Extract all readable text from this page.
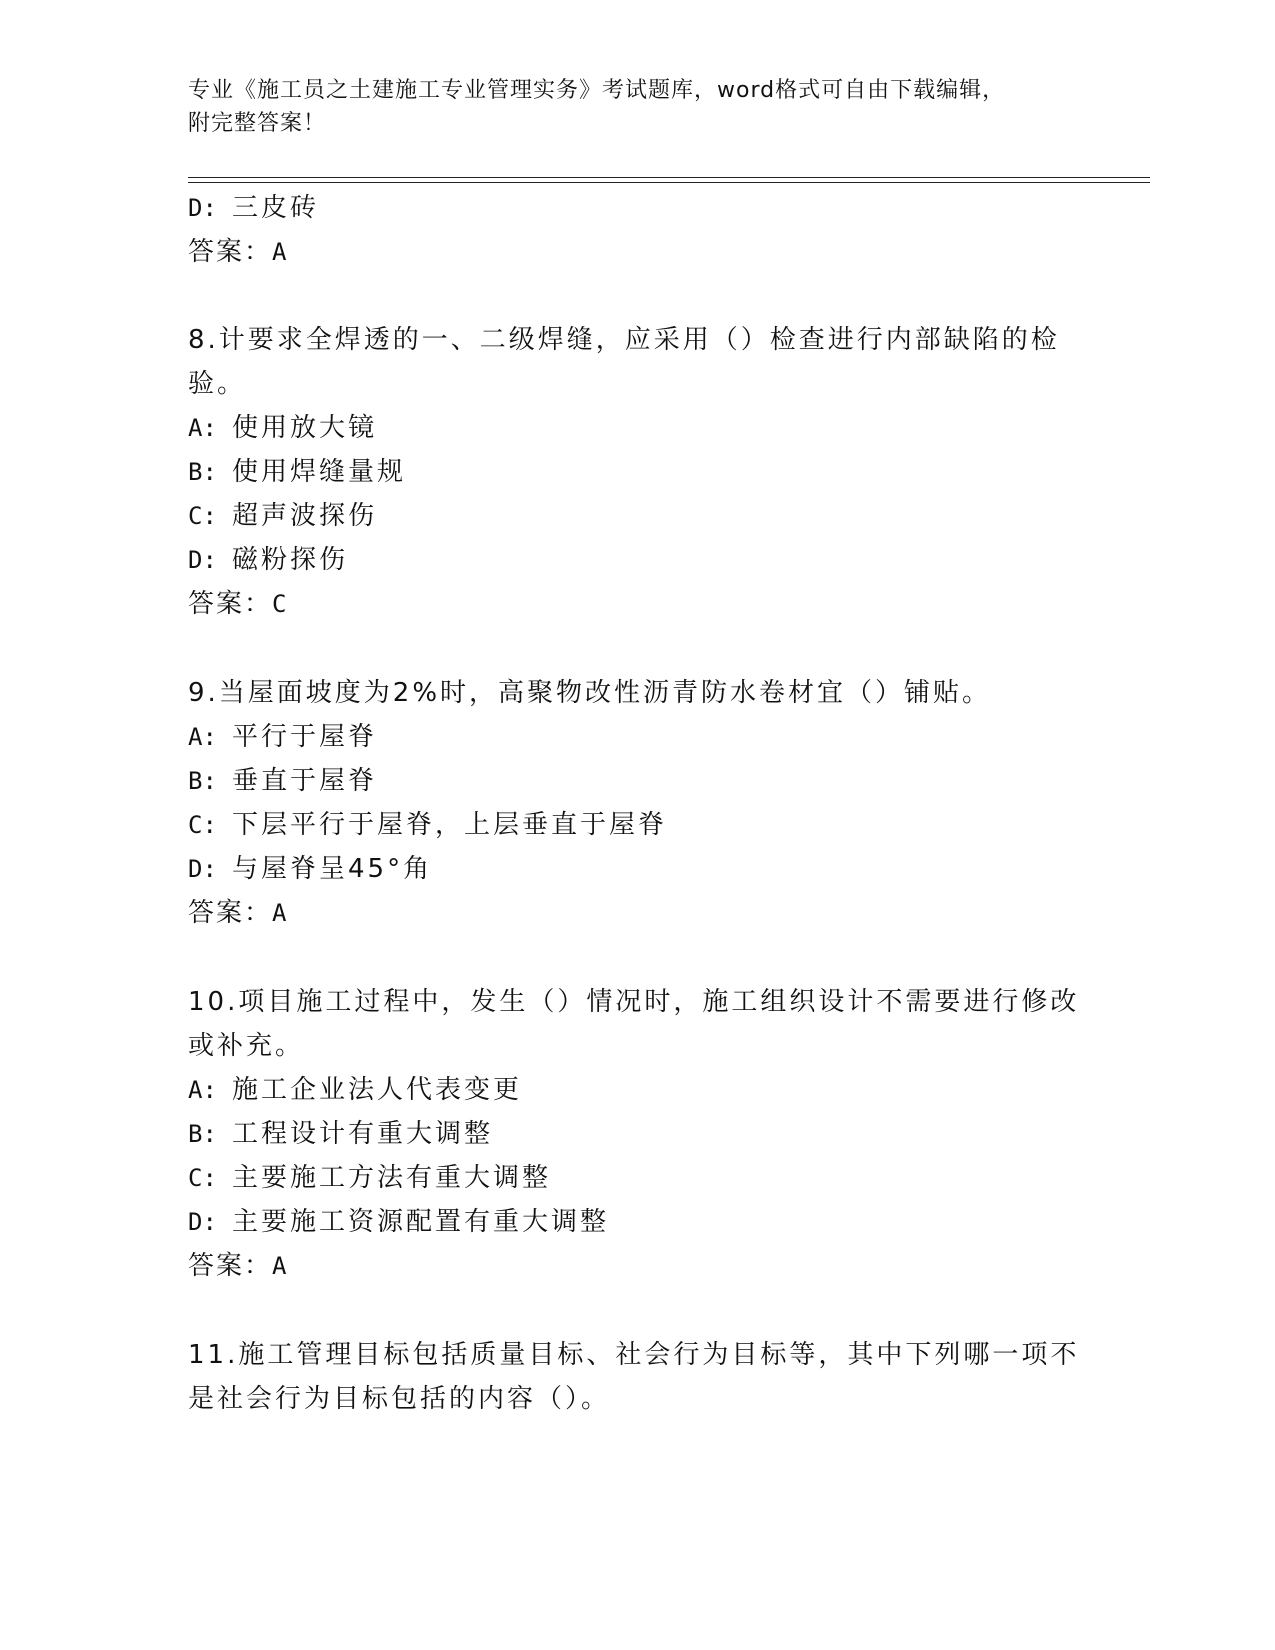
专业《施工员之土建施工专业管理实务》考试题库，word格式可自由下载编辑，
附完整答案！
D: 三皮砖
答案：A
8.计要求全焊透的一、二级焊缝，应采用（）检查进行内部缺陷的检
验。
A: 使用放大镜
B: 使用焊缝量规
C: 超声波探伤
D: 磁粉探伤
答案：C
9.当屋面坡度为2%时，高聚物改性沥青防水卷材宜（）铺贴。
A: 平行于屋脊
B: 垂直于屋脊
C: 下层平行于屋脊，上层垂直于屋脊
D: 与屋脊呈45°角
答案：A
10.项目施工过程中，发生（）情况时，施工组织设计不需要进行修改
或补充。
A: 施工企业法人代表变更
B: 工程设计有重大调整
C: 主要施工方法有重大调整
D: 主要施工资源配置有重大调整
答案：A
11.施工管理目标包括质量目标、社会行为目标等，其中下列哪一项不
是社会行为目标包括的内容（）。
